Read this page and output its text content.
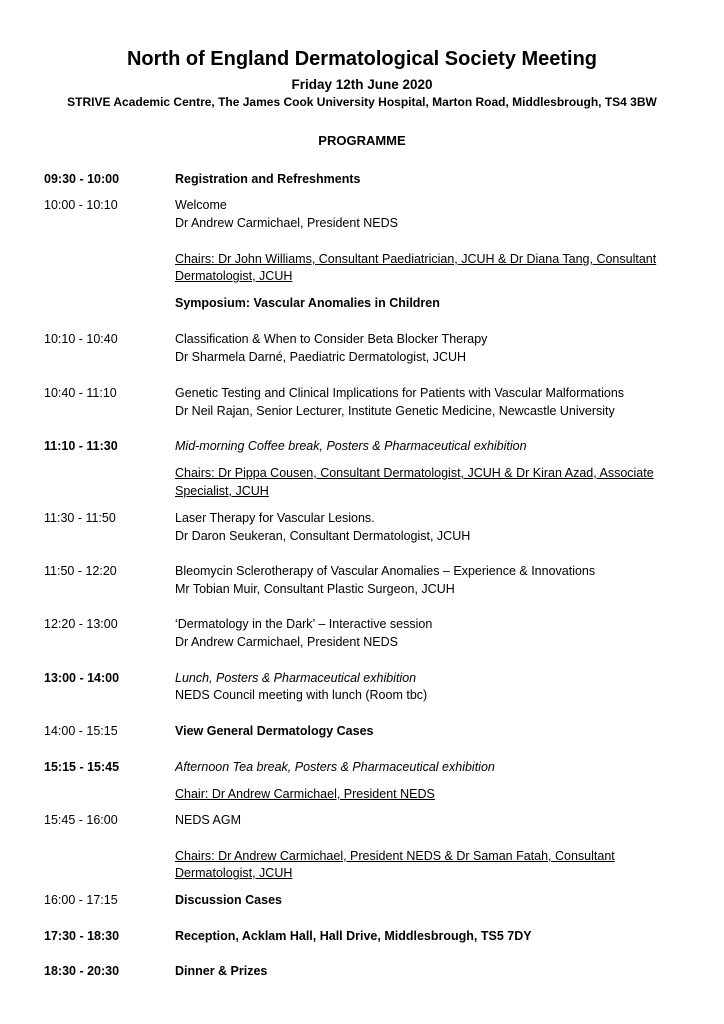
North of England Dermatological Society Meeting
Friday 12th June 2020
STRIVE Academic Centre, The James Cook University Hospital, Marton Road, Middlesbrough, TS4 3BW
PROGRAMME
09:30 - 10:00	Registration and Refreshments
10:00 - 10:10	Welcome
Dr Andrew Carmichael, President NEDS
Chairs: Dr John Williams, Consultant Paediatrician, JCUH & Dr Diana Tang, Consultant
Dermatologist, JCUH
Symposium: Vascular Anomalies in Children
10:10 - 10:40	Classification & When to Consider Beta Blocker Therapy
Dr Sharmela Darné, Paediatric Dermatologist, JCUH
10:40 - 11:10	Genetic Testing and Clinical Implications for Patients with Vascular Malformations
Dr Neil Rajan, Senior Lecturer, Institute Genetic Medicine, Newcastle University
11:10 - 11:30	Mid-morning Coffee break, Posters & Pharmaceutical exhibition
Chairs: Dr Pippa Cousen, Consultant Dermatologist, JCUH & Dr Kiran Azad, Associate
Specialist, JCUH
11:30 - 11:50	Laser Therapy for Vascular Lesions.
Dr Daron Seukeran, Consultant Dermatologist, JCUH
11:50 - 12:20	Bleomycin Sclerotherapy of Vascular Anomalies – Experience & Innovations
Mr Tobian Muir, Consultant Plastic Surgeon, JCUH
12:20 - 13:00	‘Dermatology in the Dark’ – Interactive session
Dr Andrew Carmichael, President NEDS
13:00 - 14:00	Lunch, Posters & Pharmaceutical exhibition
NEDS Council meeting with lunch (Room tbc)
14:00 - 15:15	View General Dermatology Cases
15:15 - 15:45	Afternoon Tea break, Posters & Pharmaceutical exhibition
Chair: Dr Andrew Carmichael, President NEDS
15:45 - 16:00	NEDS AGM
Chairs: Dr Andrew Carmichael, President NEDS & Dr Saman Fatah, Consultant
Dermatologist, JCUH
16:00 - 17:15	Discussion Cases
17:30 - 18:30	Reception, Acklam Hall, Hall Drive, Middlesbrough, TS5 7DY
18:30 - 20:30	Dinner & Prizes
